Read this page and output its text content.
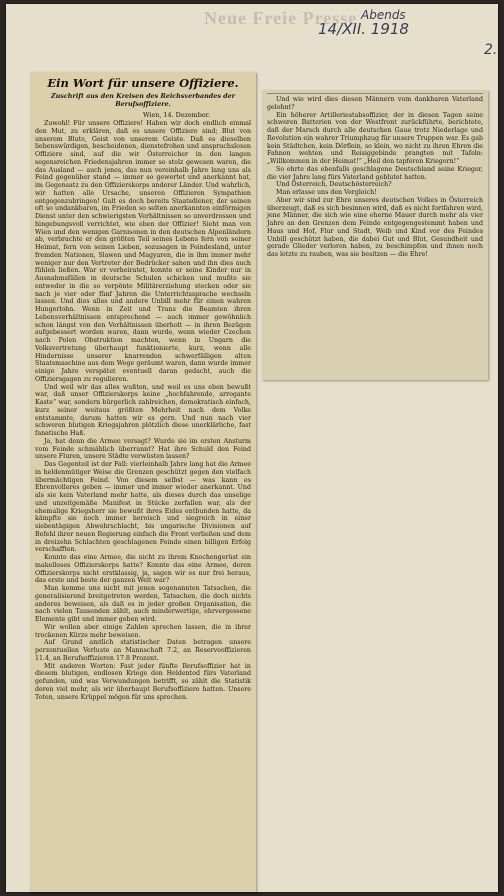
Neue Freie Presse Abends
14/XII. 1918
2.
Ein Wort für unsere Offiziere.
Zuschrift aus den Kreisen des Reichsverbandes der Berufsoffiziere.
Wien, 14. Dezember.

Zuwohl! Für unsere Offiziere! Haben wir doch endlich einmal den Mut, zu erklären, daß es unsere Offiziere sind; Blut von unserem Blute, Geist von unserem Geiste. Daß es dieselben liebenswürdigen, bescheidenen, dienstefrohen und anspruchslosen Offiziere sind, auf die wir Österreicher in den langen segensreichen Friedensjahren immer so stolz gewesen waren, die das Ausland — auch jenes, das nun vereinhalb Jahre lang uns als Feind gegenüber stand — immer so gewertet und anerkannt hat, im Gegensatz zu den Offizierskorps anderer Länder. Und wahrlich, wir hatten alle Ursache, unseren Offizieren Sympathien entgegenzubringen! Galt es doch bereits Staatsdiener, der seinen oft so undankbaren, im Frieden so selten anerkannten einförmigen Dienst unter den schwierigsten Verhältnissen so unverdrossen und hingebungsvoll verrichtet, wie eben der Offizier! Sieht man von Wien und den wenigen Garnisonen in den deutschen Alpenländern ab, verbrachte er den größten Teil seines Lebens fern von seiner Heimat, fern von seinen Lieben, sozusagen in Feindesland, unter fremden Nationen, Slawen und Magyaren, die in ihm immer mehr weniger nur den Vertreter der Bedrücker sahen und ihn dies auch fühlen ließen. War er verheiratet, konnte er seine Kinder nur in Ausnahmsfällen in deutsche Schulen schicken und mußte sie entweder in die so verpönte Militärerziehung stecken oder sie nach je vier oder fünf Jahren die Unterrichtssprache wechseln lassen. Und dies alles und andere Unbill mehr für einen wahren Hungerlohn. Wenn in Zeit und Trans die Beamten ihren Lebensverhältnissen entsprechend — auch immer gewöhnlich schon längst von den Verhältnissen überholt — in ihren Bezügen aufgebessert worden waren, dann wurde, wenn wieder Czechen nach Polen Obstruktion machten, wenn in Ungarn die Volksvertretung überhaupt funktionierte, kurz, wenn alle Hindernisse unserer knarrenden schwerfälligen alten Staatsmaschine aus dem Wege geräumt waren, dann wurde immer einige Jahre verspätet eventuell daran gedacht, auch die Offiziersgagen zu regulieren.

Und weil wir das alles wußten, und weil es uns eben bewußt war, daß unser Offizierskorps keine „hochfahrende, arrogante Kaste“ war, sondern bürgerlich zahlreichen, demokratisch einfach, kurz seiner weitaus größten Mehrheit nach dem Volke entstammte, darum hatten wir es gern. Und nun nach vier schweren blutigen Kriegsjahren plötzlich diese unerklärliche, fast fanatische Haß.

Ja, hat denn die Armee versagt? Wurde sie im ersten Ansturm vom Feinde schmählich überrannt? Hat ihre Schuld den Feind unsere Fluren, unsere Städte verwüsten lassen?

Das Gegenteil ist der Fall: vierleinhalb Jahre lang hat die Armee in heldenmütiger Weise die Grenzen geschützt gegen den vielfach übermächtigen Feind. Von diesem selbst — was kann es Ehrenvolleres geben — immer und immer wieder anerkannt. Und als sie kein Vaterland mehr hatte, als dieses durch das unselige und unzeitgemäße Manifest in Stücke zerfallen war, als der ehemalige Kriegsherr sie bewußt ihres Eides entbunden hatte, da kämpfte sie noch immer heroisch und siegreich in einer siebentägigen Abwehrschlacht, bis ungarische Divisionen auf Befehl ihrer neuen Regierung einfach die Front verließen und dem in dreizehn Schlachten geschlagenen Feinde einen billigen Erfolg verschafften.

Konnte das eine Armee, die nicht zu ihrem Knochengerüst ein makelloses Offizierskorps hatte? Konnte das eine Armee, deren Offizierskorps nicht erstklassig, ja, sagen wir es nur frei heraus, das erste und beste der ganzen Welt war?

Man komme uns nicht mit jenen sogenannten Tatsachen, die generalisierend breitgetreten werden, Tatsachen, die doch nichts anderes beweisen, als daß es in jeder großen Organisation, die nach vielen Tausenden zählt, auch minderwertige, ehrvergessene Elemente gibt und immer geben wird.

Wir wollen aber einige Zahlen sprechen lassen, die in ihrer trockenen Kürze mehr beweisen.

Auf Grund amtlich statistischer Daten betragen unsere perzentuellen Verluste an Mannschaft 7.2, an Reserveoffizieren 11.4, an Berufsoffizieren 17.8 Prozent.

Mit anderen Worten: Fast jeder fünfte Berufsoffizier hat in diesem blutigen, endlosen Kriege den Heldentod fürs Vaterland gefunden, und was Verwundungen betrifft, so zählt die Statistik deren viel mehr, als wir überhaupt Berufsoffiziere hatten. Unsere Toten, unsere Krüppel mögen für uns sprechen.

Und wie wird dies diesen Männern vom dankbaren Vaterland gelohnt?

Ein höherer Artilleriestabsoffizier, der in diesen Tagen seine schweren Batterien von der Westfront zurückführte, berichtete, daß der Marsch durch alle deutschen Gaue trotz Niederlage und Revolution ein wahrer Triumphzug für unsere Truppen war. Es gab kein Städtchen, kein Dörflein, so klein, wo nicht zu ihren Ehren die Fahnen wehten und Reisiggebinde prangten mit Tafeln: „Willkommen in der Heimat!“ „Heil den tapferen Kriegern!“

So ehrte das ebenfalls geschlagene Deutschland seine Krieger, die vier Jahre lang fürs Vaterland geblutet hatten.

Und Österreich, Deutschösterreich?

Man erlasse uns den Vergleich!

Aber wir sind zur Ehre unseres deutschen Volkes in Österreich überzeugt, daß es sich besinnen wird, daß es nicht fortfahren wird, jene Männer, die sich wie eine eherne Mauer durch mehr als vier Jahre an den Grenzen dem Feinde entgegengestemmt haben und Haus und Hof, Flur und Stadt, Weib und Kind vor des Feindes Unbill geschützt haben, die dabei Gut und Blut, Gesundheit und gerade Glieder verloren haben, zu beschimpfen und ihnen noch das letzte zu rauben, was sie besitzen — die Ehre!
